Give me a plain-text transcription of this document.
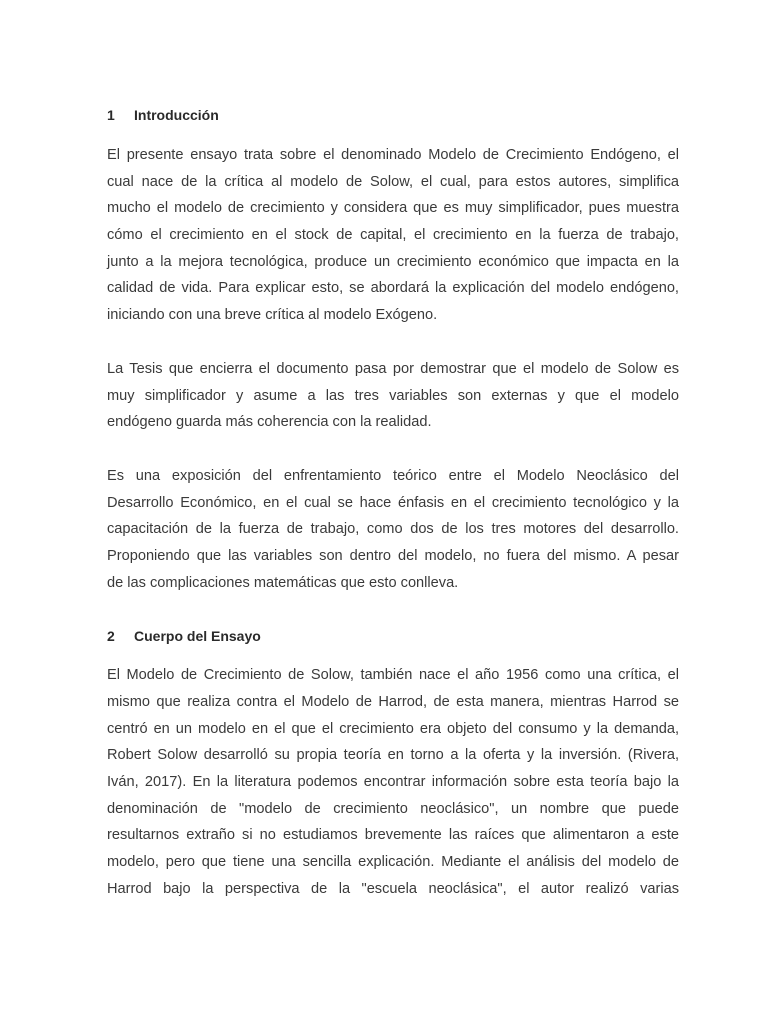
1	Introducción

El presente ensayo trata sobre el denominado Modelo de Crecimiento Endógeno, el
cual nace de la crítica al modelo de Solow, el cual, para estos autores, simplifica
mucho el modelo de crecimiento y considera que es muy simplificador, pues muestra
cómo el crecimiento en el stock de capital, el crecimiento en la fuerza de trabajo,
junto a la mejora tecnológica, produce un crecimiento económico que impacta en la
calidad de vida. Para explicar esto, se abordará la explicación del modelo endógeno,
iniciando con una breve crítica al modelo Exógeno.

La Tesis que encierra el documento pasa por demostrar que el modelo de Solow es
muy simplificador y asume a las tres variables son externas y que el modelo
endógeno guarda más coherencia con la realidad.

Es una exposición del enfrentamiento teórico entre el Modelo Neoclásico del
Desarrollo Económico, en el cual se hace énfasis en el crecimiento tecnológico y la
capacitación de la fuerza de trabajo, como dos de los tres motores del desarrollo.
Proponiendo que las variables son dentro del modelo, no fuera del mismo. A pesar
de las complicaciones matemáticas que esto conlleva.

2	Cuerpo del Ensayo

El Modelo de Crecimiento de Solow, también nace el año 1956 como una crítica, el
mismo que realiza contra el Modelo de Harrod, de esta manera, mientras Harrod se
centró en un modelo en el que el crecimiento era objeto del consumo y la demanda,
Robert Solow desarrolló su propia teoría en torno a la oferta y la inversión. (Rivera,
Iván, 2017). En la literatura podemos encontrar información sobre esta teoría bajo la
denominación de "modelo de crecimiento neoclásico", un nombre que puede
resultarnos extraño si no estudiamos brevemente las raíces que alimentaron a este
modelo, pero que tiene una sencilla explicación. Mediante el análisis del modelo de
Harrod bajo la perspectiva de la "escuela neoclásica", el autor realizó varias
